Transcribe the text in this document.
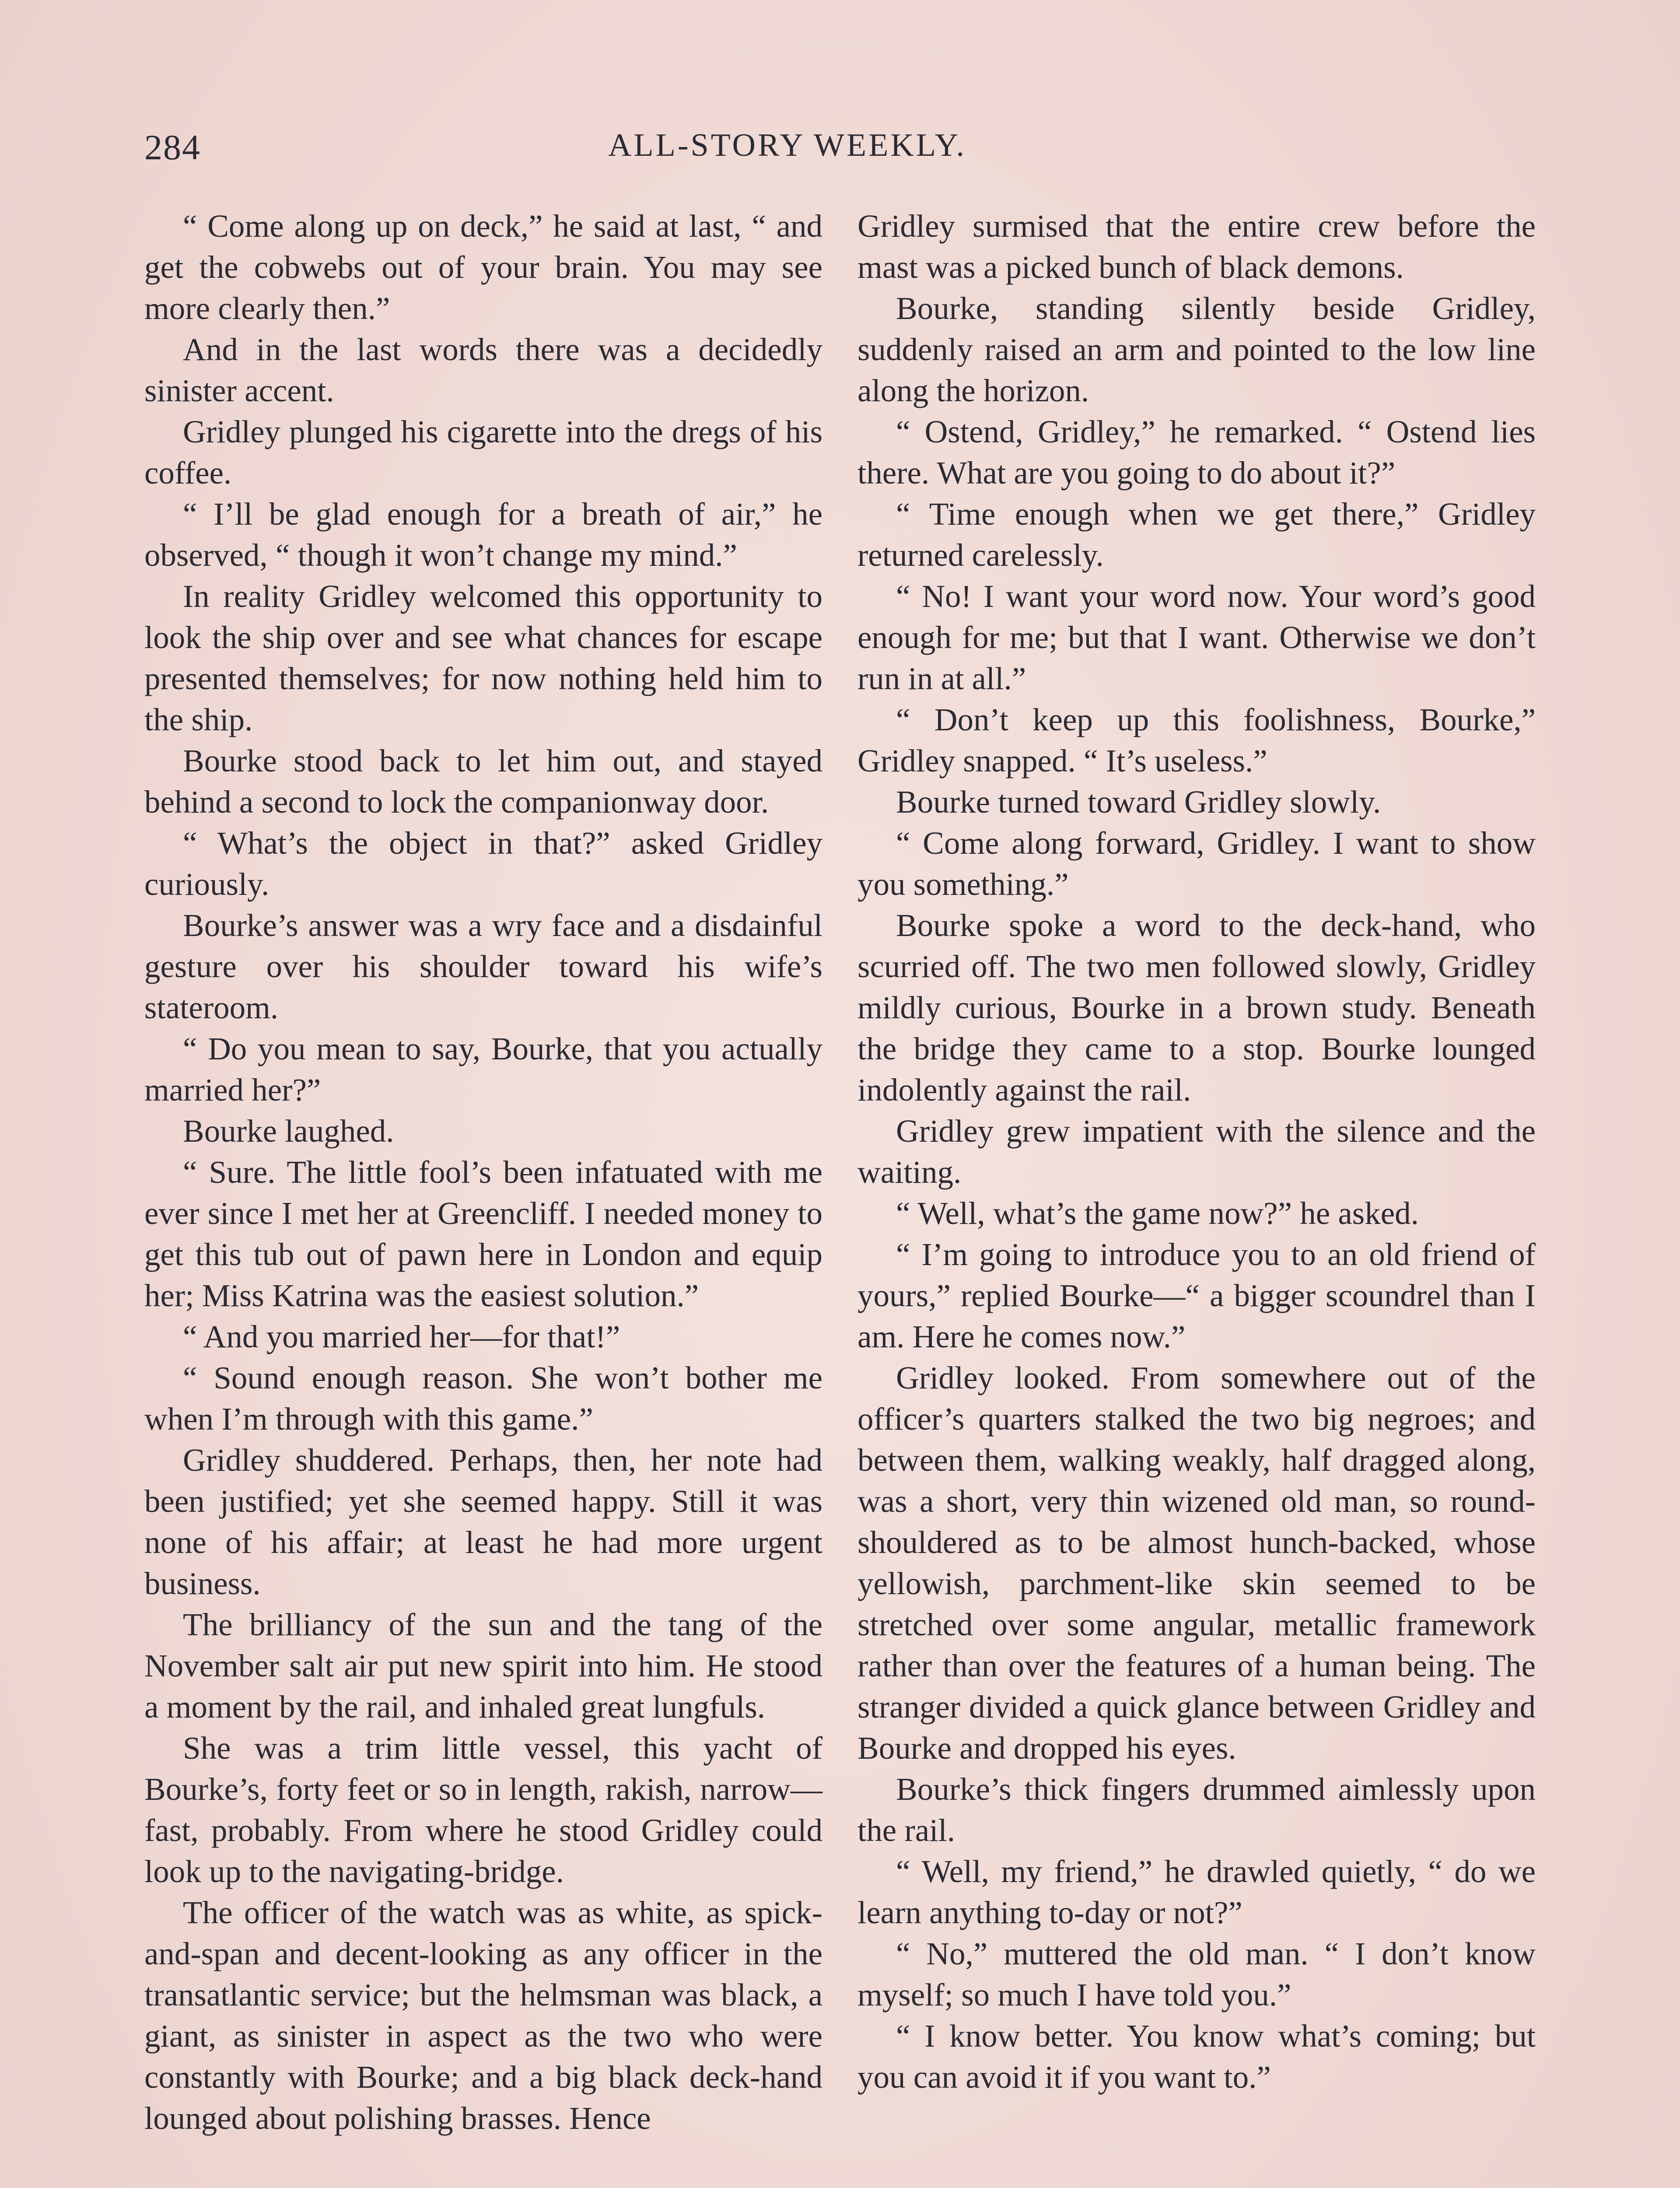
284	ALL-STORY WEEKLY.

“ Come along up on deck,” he said at last, “ and get the cobwebs out of your brain. You may see more clearly then.”

And in the last words there was a decidedly sinister accent.

Gridley plunged his cigarette into the dregs of his coffee.

“ I’ll be glad enough for a breath of air,” he observed, “ though it won’t change my mind.”

In reality Gridley welcomed this opportunity to look the ship over and see what chances for escape presented themselves; for now nothing held him to the ship.

Bourke stood back to let him out, and stayed behind a second to lock the companionway door.

“ What’s the object in that?” asked Gridley curiously.

Bourke’s answer was a wry face and a disdainful gesture over his shoulder toward his wife’s stateroom.

“ Do you mean to say, Bourke, that you actually married her?”

Bourke laughed.

“ Sure. The little fool’s been infatuated with me ever since I met her at Greencliff. I needed money to get this tub out of pawn here in London and equip her; Miss Katrina was the easiest solution.”

“ And you married her—for that!”

“ Sound enough reason. She won’t bother me when I’m through with this game.”

Gridley shuddered. Perhaps, then, her note had been justified; yet she seemed happy. Still it was none of his affair; at least he had more urgent business.

The brilliancy of the sun and the tang of the November salt air put new spirit into him. He stood a moment by the rail, and inhaled great lungfuls.

She was a trim little vessel, this yacht of Bourke’s, forty feet or so in length, rakish, narrow—fast, probably. From where he stood Gridley could look up to the navigating-bridge.

The officer of the watch was as white, as spick-and-span and decent-looking as any officer in the transatlantic service; but the helmsman was black, a giant, as sinister in aspect as the two who were constantly with Bourke; and a big black deck-hand lounged about polishing brasses. Hence

Gridley surmised that the entire crew before the mast was a picked bunch of black demons.

Bourke, standing silently beside Gridley, suddenly raised an arm and pointed to the low line along the horizon.

“ Ostend, Gridley,” he remarked. “ Ostend lies there. What are you going to do about it?”

“ Time enough when we get there,” Gridley returned carelessly.

“ No! I want your word now. Your word’s good enough for me; but that I want. Otherwise we don’t run in at all.”

“ Don’t keep up this foolishness, Bourke,” Gridley snapped. “ It’s useless.”

Bourke turned toward Gridley slowly.

“ Come along forward, Gridley. I want to show you something.”

Bourke spoke a word to the deck-hand, who scurried off. The two men followed slowly, Gridley mildly curious, Bourke in a brown study. Beneath the bridge they came to a stop. Bourke lounged indolently against the rail.

Gridley grew impatient with the silence and the waiting.

“ Well, what’s the game now?” he asked.

“ I’m going to introduce you to an old friend of yours,” replied Bourke—“ a bigger scoundrel than I am. Here he comes now.”

Gridley looked. From somewhere out of the officer’s quarters stalked the two big negroes; and between them, walking weakly, half dragged along, was a short, very thin wizened old man, so round-shouldered as to be almost hunch-backed, whose yellowish, parchment-like skin seemed to be stretched over some angular, metallic framework rather than over the features of a human being. The stranger divided a quick glance between Gridley and Bourke and dropped his eyes.

Bourke’s thick fingers drummed aimlessly upon the rail.

“ Well, my friend,” he drawled quietly, “ do we learn anything to-day or not?”

“ No,” muttered the old man. “ I don’t know myself; so much I have told you.”

“ I know better. You know what’s coming; but you can avoid it if you want to.”
